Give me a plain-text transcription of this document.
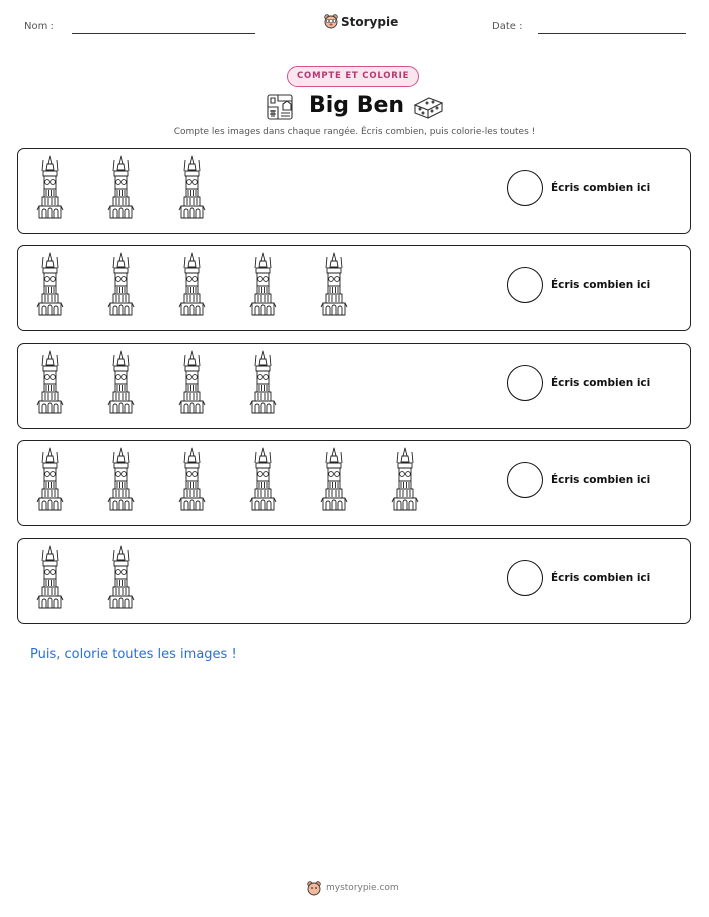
Nom :	Storypie	Date :
COMPTE ET COLORIE
Big Ben
Compte les images dans chaque rangée. Écris combien, puis colorie-les toutes !
Écris combien ici
Écris combien ici
Écris combien ici
Écris combien ici
Écris combien ici
Puis, colorie toutes les images !
mystorypie.com
